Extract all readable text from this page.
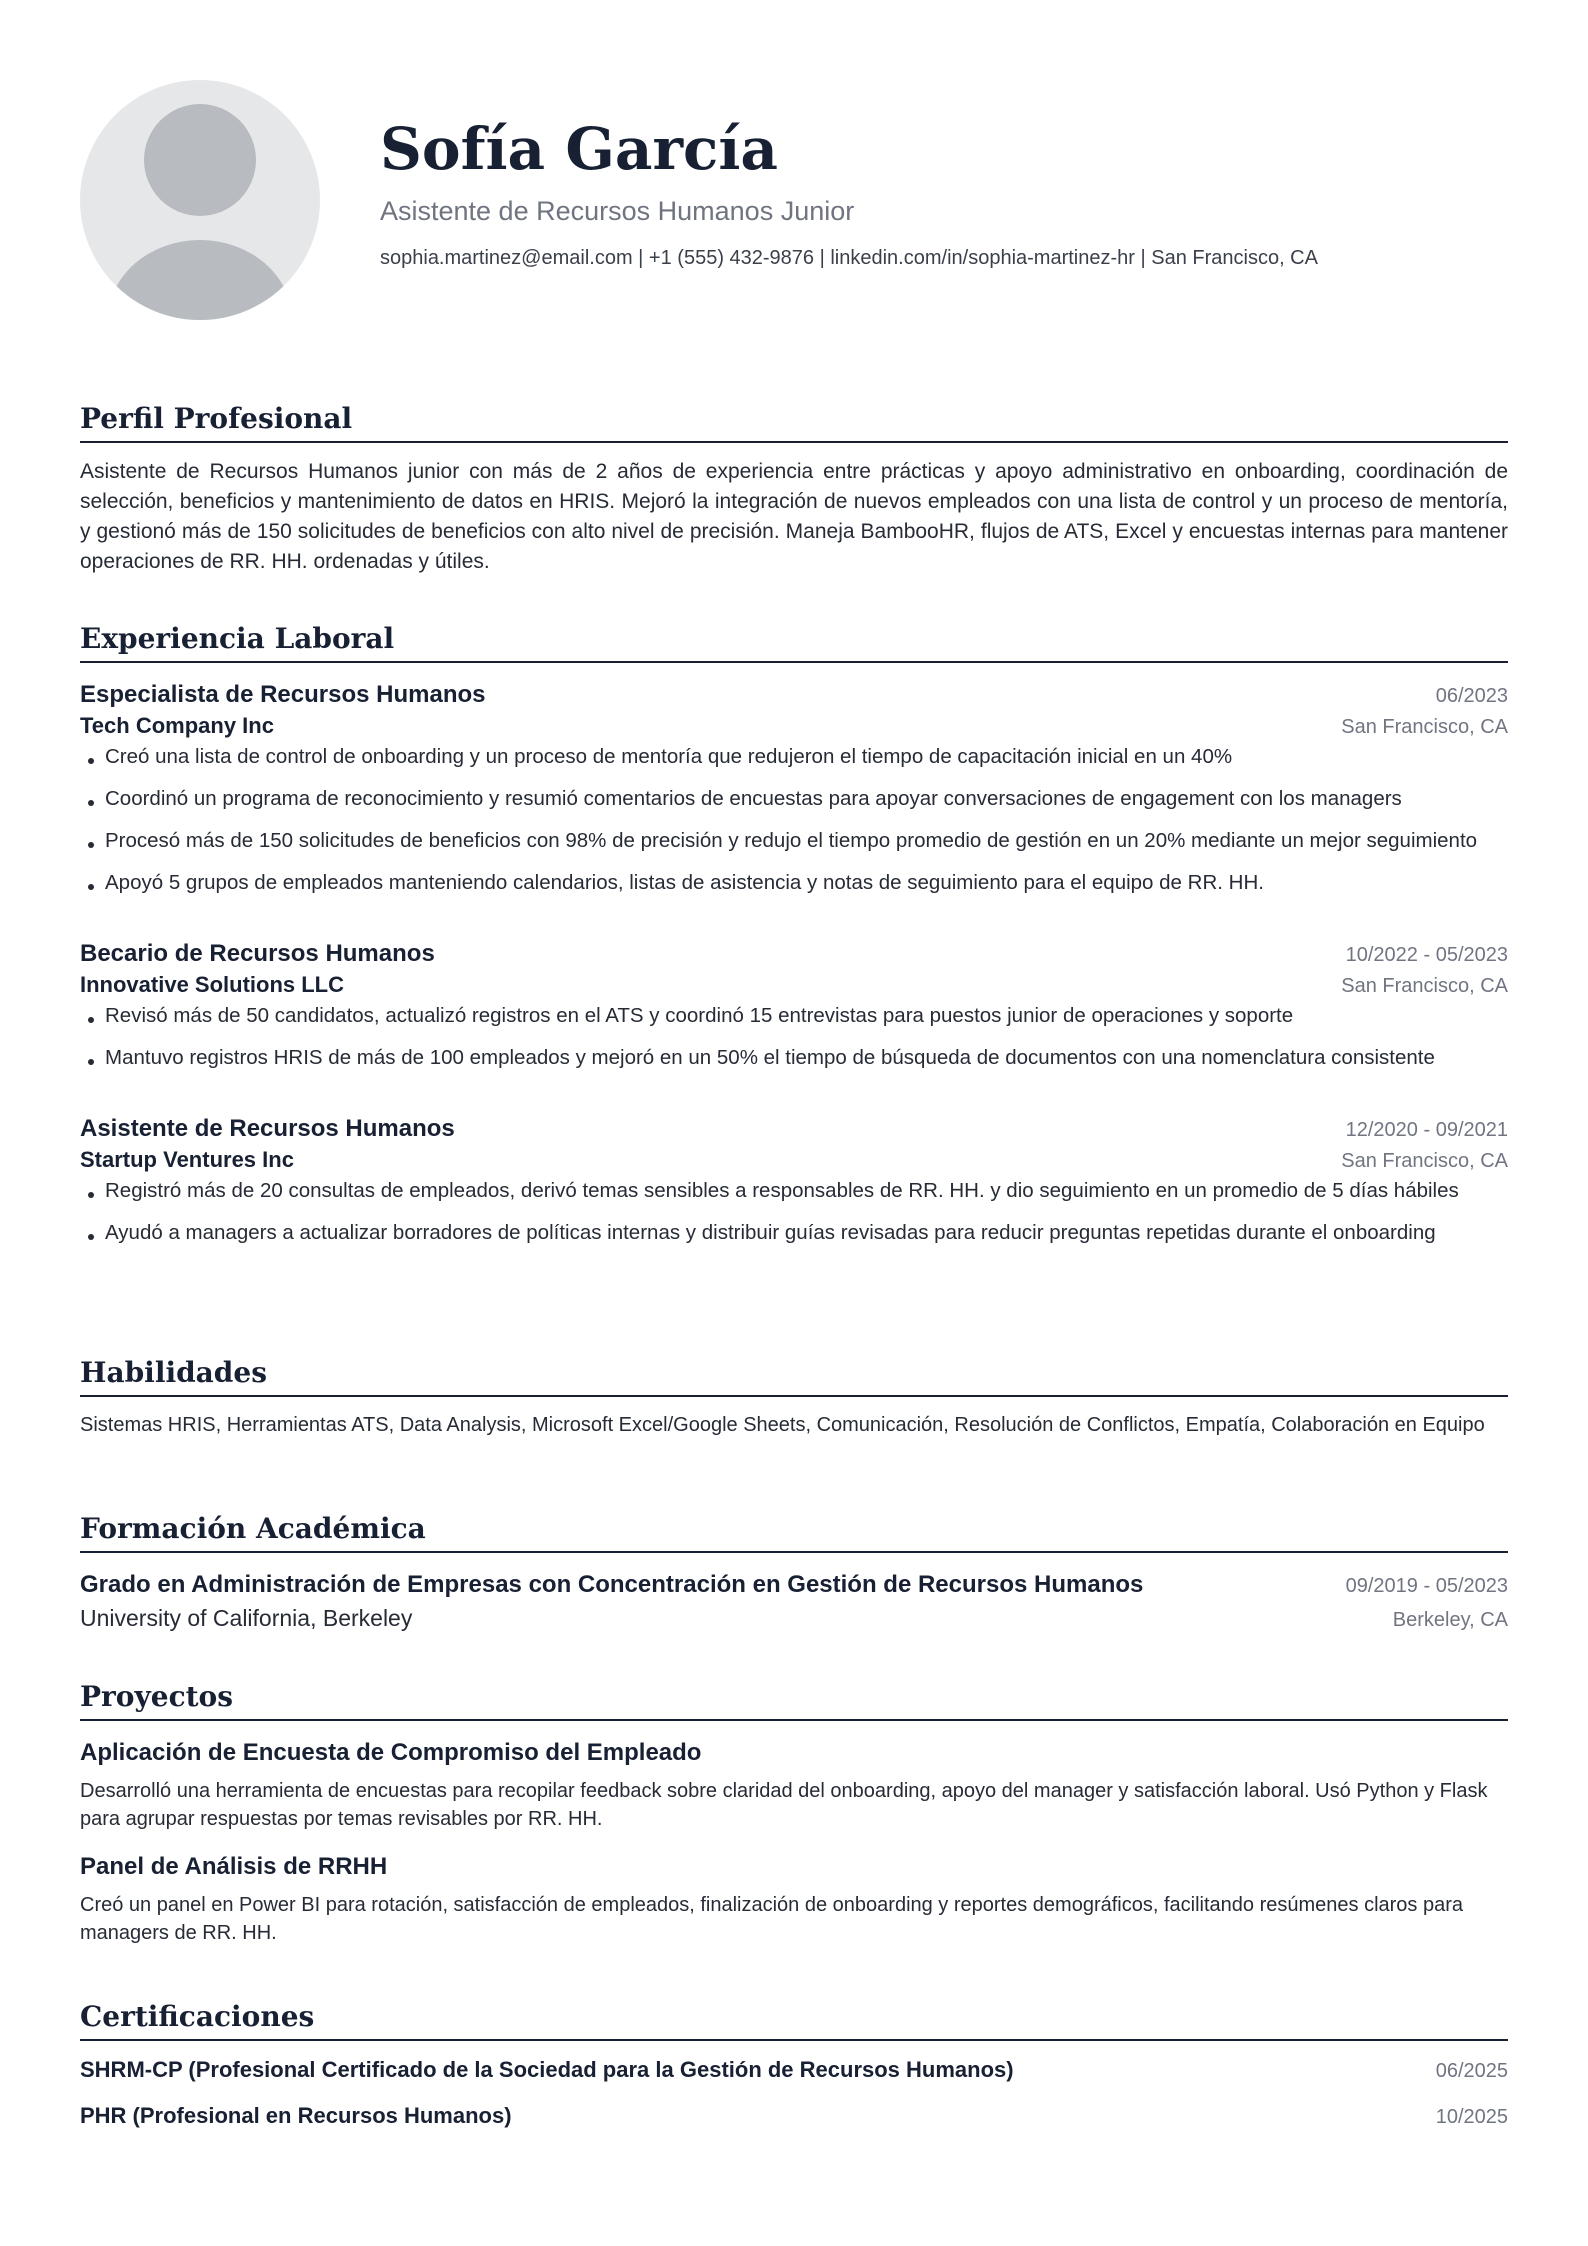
Sofía García
Asistente de Recursos Humanos Junior
sophia.martinez@email.com | +1 (555) 432-9876 | linkedin.com/in/sophia-martinez-hr | San Francisco, CA
Perfil Profesional

Asistente de Recursos Humanos junior con más de 2 años de experiencia entre prácticas y apoyo administrativo en onboarding, coordinación de selección, beneficios y mantenimiento de datos en HRIS. Mejoró la integración de nuevos empleados con una lista de control y un proceso de mentoría, y gestionó más de 150 solicitudes de beneficios con alto nivel de precisión. Maneja BambooHR, flujos de ATS, Excel y encuestas internas para mantener operaciones de RR. HH. ordenadas y útiles.

Experiencia Laboral
Especialista de Recursos Humanos	06/2023
Tech Company Inc	San Francisco, CA
Creó una lista de control de onboarding y un proceso de mentoría que redujeron el tiempo de capacitación inicial en un 40%
Coordinó un programa de reconocimiento y resumió comentarios de encuestas para apoyar conversaciones de engagement con los managers
Procesó más de 150 solicitudes de beneficios con 98% de precisión y redujo el tiempo promedio de gestión en un 20% mediante un mejor seguimiento
Apoyó 5 grupos de empleados manteniendo calendarios, listas de asistencia y notas de seguimiento para el equipo de RR. HH.
Becario de Recursos Humanos	10/2022 - 05/2023
Innovative Solutions LLC	San Francisco, CA
Revisó más de 50 candidatos, actualizó registros en el ATS y coordinó 15 entrevistas para puestos junior de operaciones y soporte
Mantuvo registros HRIS de más de 100 empleados y mejoró en un 50% el tiempo de búsqueda de documentos con una nomenclatura consistente
Asistente de Recursos Humanos	12/2020 - 09/2021
Startup Ventures Inc	San Francisco, CA
Registró más de 20 consultas de empleados, derivó temas sensibles a responsables de RR. HH. y dio seguimiento en un promedio de 5 días hábiles
Ayudó a managers a actualizar borradores de políticas internas y distribuir guías revisadas para reducir preguntas repetidas durante el onboarding
Habilidades

Sistemas HRIS, Herramientas ATS, Data Analysis, Microsoft Excel/Google Sheets, Comunicación, Resolución de Conflictos, Empatía, Colaboración en Equipo

Formación Académica
Grado en Administración de Empresas con Concentración en Gestión de Recursos Humanos	09/2019 - 05/2023
University of California, Berkeley	Berkeley, CA
Proyectos
Aplicación de Encuesta de Compromiso del Empleado

Desarrolló una herramienta de encuestas para recopilar feedback sobre claridad del onboarding, apoyo del manager y satisfacción laboral. Usó Python y Flask para agrupar respuestas por temas revisables por RR. HH.

Panel de Análisis de RRHH

Creó un panel en Power BI para rotación, satisfacción de empleados, finalización de onboarding y reportes demográficos, facilitando resúmenes claros para managers de RR. HH.

Certificaciones
SHRM-CP (Profesional Certificado de la Sociedad para la Gestión de Recursos Humanos)	06/2025
PHR (Profesional en Recursos Humanos)	10/2025
